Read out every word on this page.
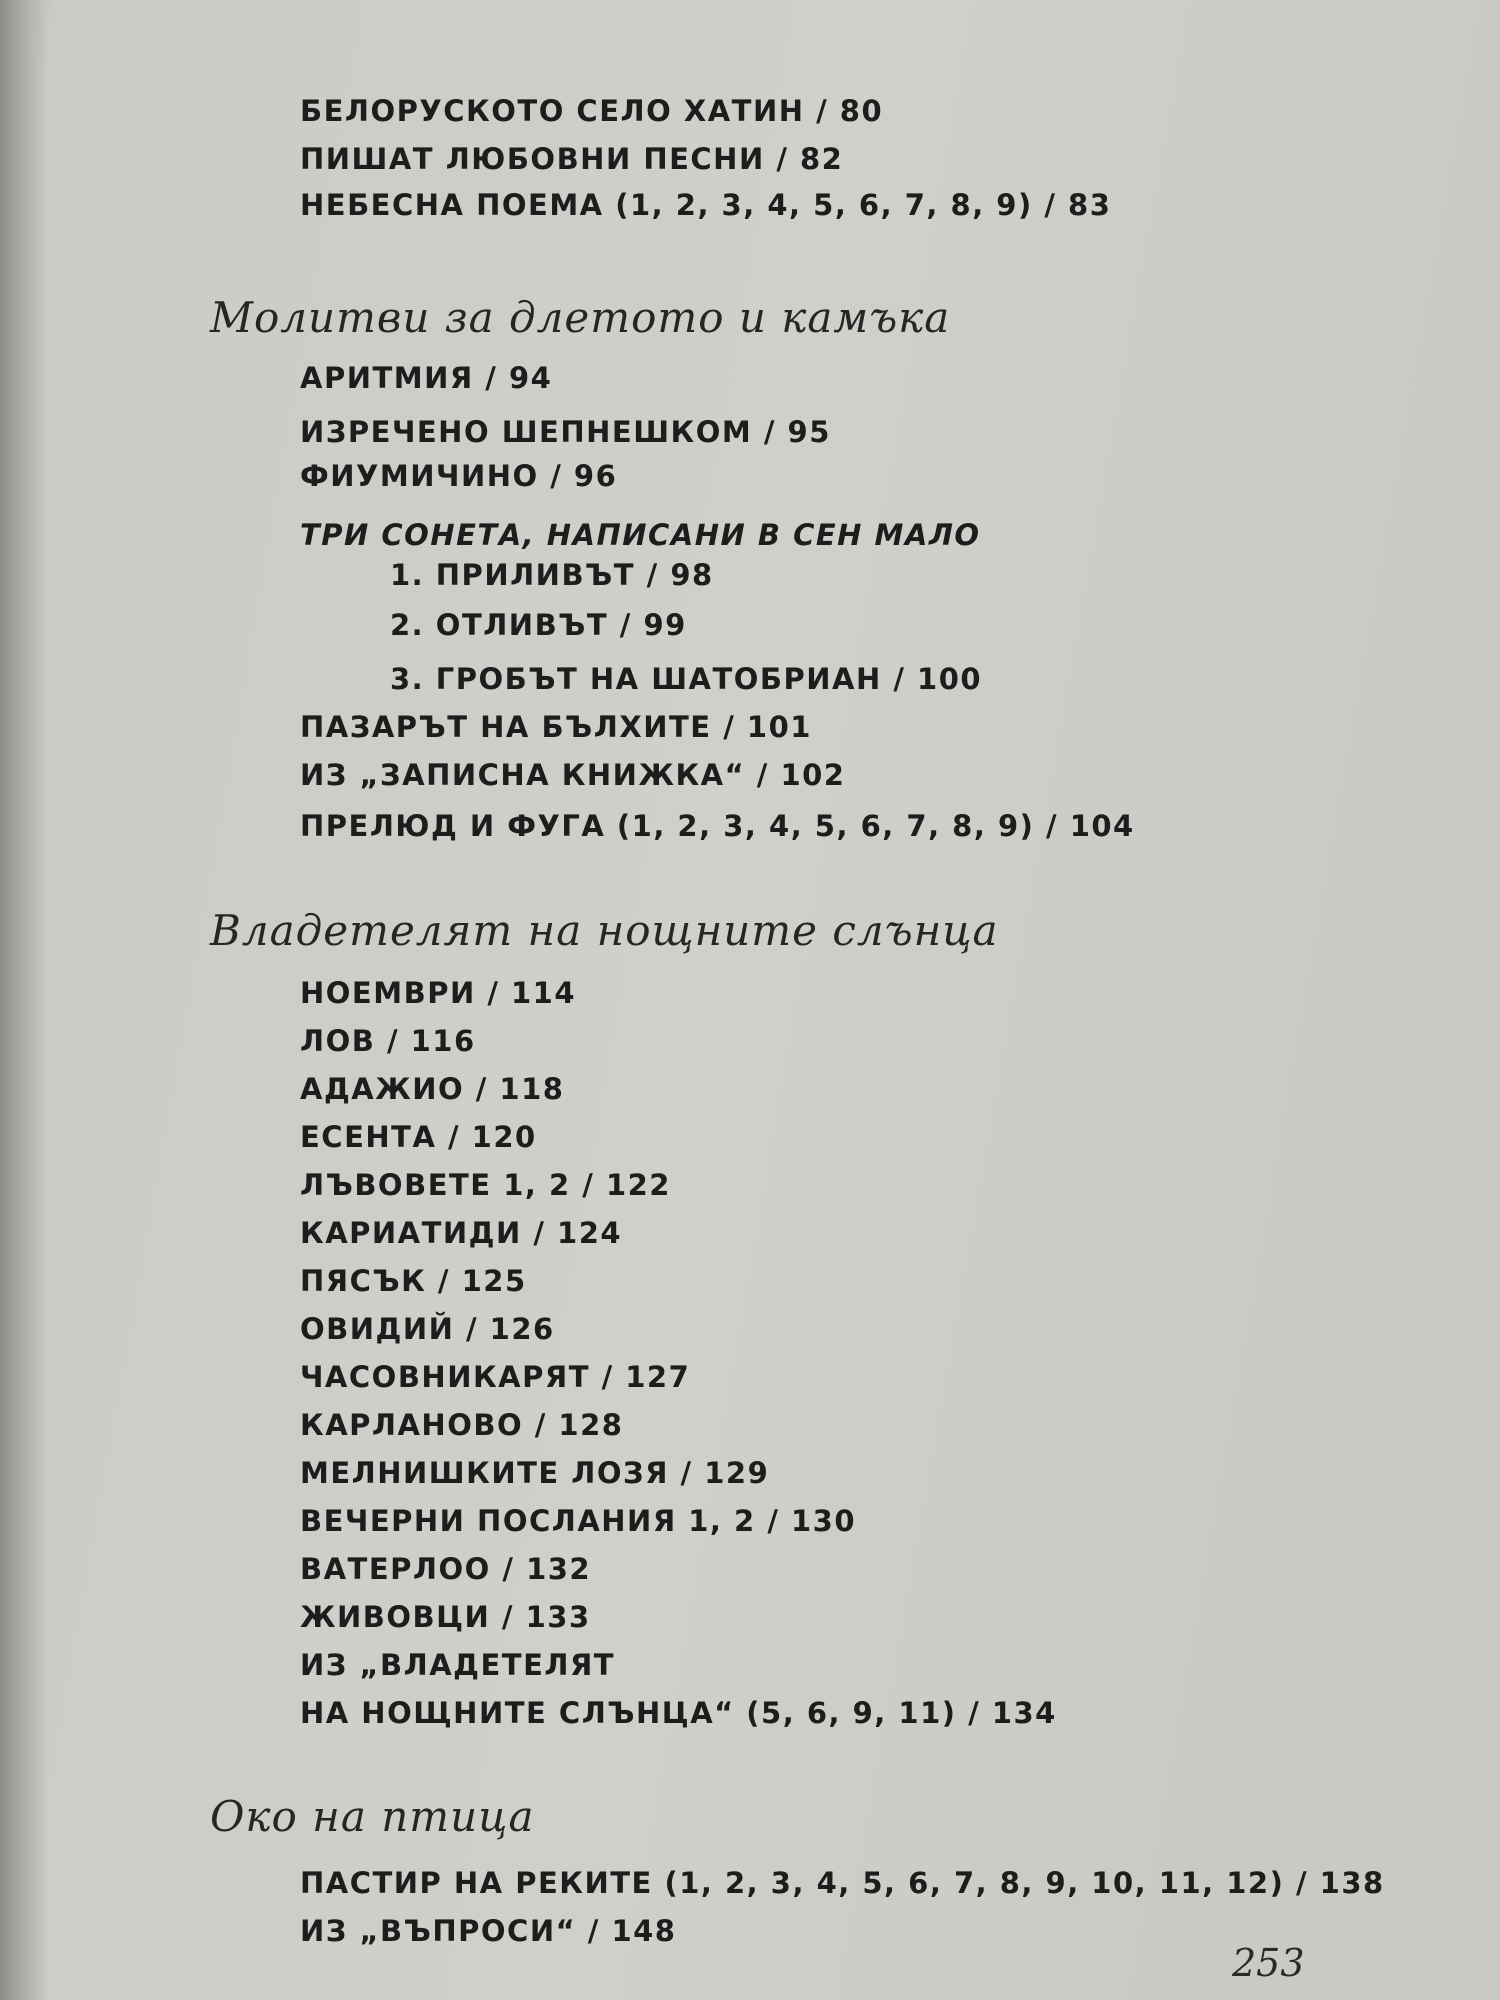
БЕЛОРУСКОТО СЕЛО ХАТИН / 80
ПИШАТ ЛЮБОВНИ ПЕСНИ / 82
НЕБЕСНА ПОЕМА (1, 2, 3, 4, 5, 6, 7, 8, 9) / 83
Молитви за длетото и камъка
АРИТМИЯ / 94
ИЗРЕЧЕНО ШЕПНЕШКОМ / 95
ФИУМИЧИНО / 96
ТРИ СОНЕТА, НАПИСАНИ В СЕН МАЛО
1. ПРИЛИВЪТ / 98
2. ОТЛИВЪТ / 99
3. ГРОБЪТ НА ШАТОБРИАН / 100
ПАЗАРЪТ НА БЪЛХИТЕ / 101
ИЗ „ЗАПИСНА КНИЖКА“ / 102
ПРЕЛЮД И ФУГА (1, 2, 3, 4, 5, 6, 7, 8, 9) / 104
Владетелят на нощните слънца
НОЕМВРИ / 114
ЛОВ / 116
АДАЖИО / 118
ЕСЕНТА / 120
ЛЪВОВЕТЕ 1, 2 / 122
КАРИАТИДИ / 124
ПЯСЪК / 125
ОВИДИЙ / 126
ЧАСОВНИКАРЯТ / 127
КАРЛАНОВО / 128
МЕЛНИШКИТЕ ЛОЗЯ / 129
ВЕЧЕРНИ ПОСЛАНИЯ 1, 2 / 130
ВАТЕРЛОО / 132
ЖИВОВЦИ / 133
ИЗ „ВЛАДЕТЕЛЯТ
НА НОЩНИТЕ СЛЪНЦА“ (5, 6, 9, 11) / 134
Око на птица
ПАСТИР НА РЕКИТЕ (1, 2, 3, 4, 5, 6, 7, 8, 9, 10, 11, 12) / 138
ИЗ „ВЪПРОСИ“ / 148
253
